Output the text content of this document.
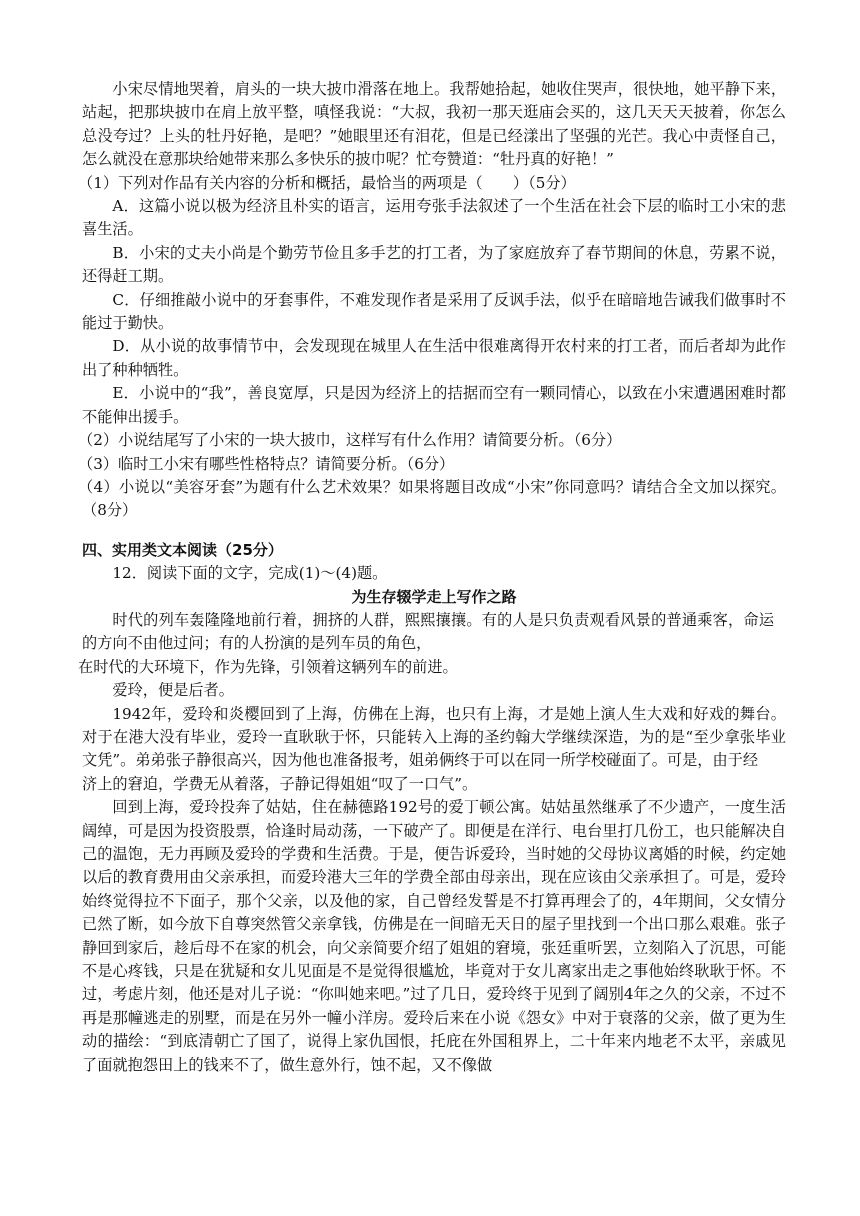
小宋尽情地哭着，肩头的一块大披巾滑落在地上。我帮她拾起，她收住哭声，很快地，她平静下来，站起，把那块披巾在肩上放平整，嗔怪我说：“大叔，我初一那天逛庙会买的，这几天天天披着，你怎么总没夸过？上头的牡丹好艳，是吧？”她眼里还有泪花，但是已经漾出了坚强的光芒。我心中责怪自己，怎么就没在意那块给她带来那么多快乐的披巾呢？忙夸赞道：“牡丹真的好艳！”

（1）下列对作品有关内容的分析和概括，最恰当的两项是（　　）（5分）

A．这篇小说以极为经济且朴实的语言，运用夸张手法叙述了一个生活在社会下层的临时工小宋的悲喜生活。

B．小宋的丈夫小尚是个勤劳节俭且多手艺的打工者，为了家庭放弃了春节期间的休息，劳累不说，还得赶工期。

C．仔细推敲小说中的牙套事件，不难发现作者是采用了反讽手法，似乎在暗暗地告诫我们做事时不能过于勤快。

D．从小说的故事情节中，会发现现在城里人在生活中很难离得开农村来的打工者，而后者却为此作出了种种牺牲。

E．小说中的“我”，善良宽厚，只是因为经济上的拮据而空有一颗同情心，以致在小宋遭遇困难时都不能伸出援手。

（2）小说结尾写了小宋的一块大披巾，这样写有什么作用？请简要分析。（6分）

（3）临时工小宋有哪些性格特点？请简要分析。（6分）

（4）小说以“美容牙套”为题有什么艺术效果？如果将题目改成“小宋”你同意吗？请结合全文加以探究。（8分）

四、实用类文本阅读（25分）

12．阅读下面的文字，完成(1)～(4)题。

为生存辍学走上写作之路

时代的列车轰隆隆地前行着，拥挤的人群，熙熙攘攘。有的人是只负责观看风景的普通乘客，命运的方向不由他过问；有的人扮演的是列车员的角色，

在时代的大环境下，作为先锋，引领着这辆列车的前进。

爱玲，便是后者。

1942年，爱玲和炎樱回到了上海，仿佛在上海，也只有上海，才是她上演人生大戏和好戏的舞台。对于在港大没有毕业，爱玲一直耿耿于怀，只能转入上海的圣约翰大学继续深造，为的是“至少拿张毕业文凭”。弟弟张子静很高兴，因为他也准备报考，姐弟俩终于可以在同一所学校碰面了。可是，由于经

济上的窘迫，学费无从着落，子静记得姐姐“叹了一口气”。

回到上海，爱玲投奔了姑姑，住在赫德路192号的爱丁顿公寓。姑姑虽然继承了不少遗产，一度生活阔绰，可是因为投资股票，恰逢时局动荡，一下破产了。即便是在洋行、电台里打几份工，也只能解决自己的温饱，无力再顾及爱玲的学费和生活费。于是，便告诉爱玲，当时她的父母协议离婚的时候，约定她以后的教育费用由父亲承担，而爱玲港大三年的学费全部由母亲出，现在应该由父亲承担了。可是，爱玲始终觉得拉不下面子，那个父亲，以及他的家，自己曾经发誓是不打算再理会了的，4年期间，父女情分已然了断，如今放下自尊突然管父亲拿钱，仿佛是在一间暗无天日的屋子里找到一个出口那么艰难。张子静回到家后，趁后母不在家的机会，向父亲简要介绍了姐姐的窘境，张廷重听罢，立刻陷入了沉思，可能不是心疼钱，只是在犹疑和女儿见面是不是觉得很尴尬，毕竟对于女儿离家出走之事他始终耿耿于怀。不过，考虑片刻，他还是对儿子说：“你叫她来吧。”过了几日，爱玲终于见到了阔别4年之久的父亲，不过不再是那幢逃走的别墅，而是在另外一幢小洋房。爱玲后来在小说《怨女》中对于衰落的父亲，做了更为生动的描绘：“到底清朝亡了国了，说得上家仇国恨，托庇在外国租界上，二十年来内地老不太平，亲戚见了面就抱怨田上的钱来不了，做生意外行，蚀不起，又不像做
